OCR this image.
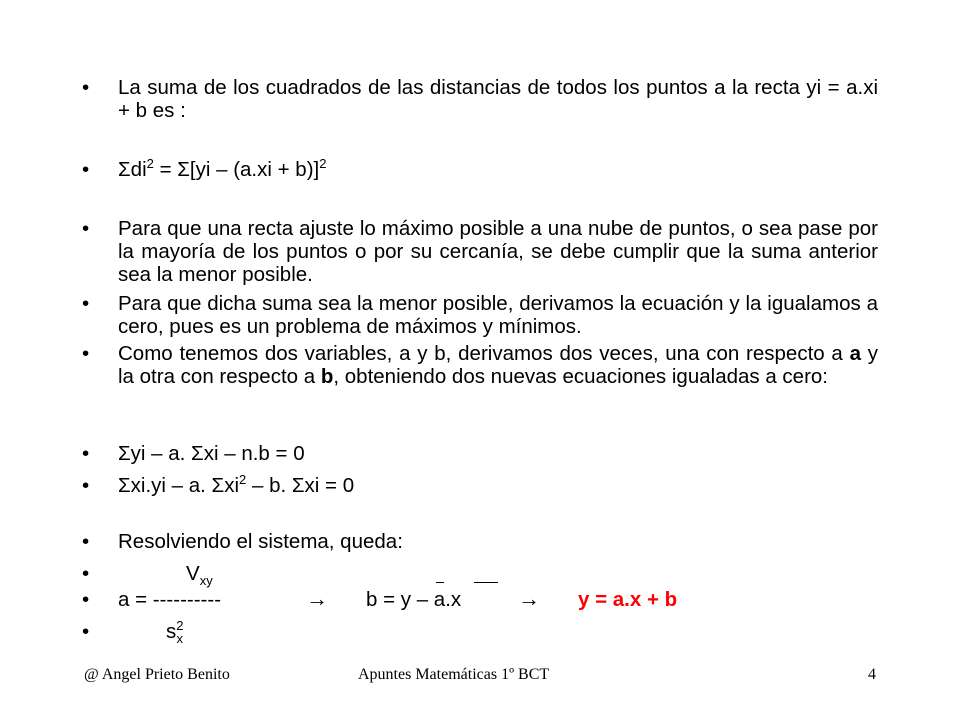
•	La suma de los cuadrados de las distancias de todos los puntos a la recta yi = a.xi + b es :
•	Σdi$^2$ = Σ[yi – (a.xi + b)]$^2$
•	Para que una recta ajuste lo máximo posible a una nube de puntos, o sea pase por la mayoría de los puntos o por su cercanía, se debe cumplir que la suma anterior sea la menor posible.
•	Para que dicha suma sea la menor posible, derivamos la ecuación y la igualamos a cero, pues es un problema de máximos y mínimos.
•	Como tenemos dos variables, a y b, derivamos dos veces, una con respecto a a y la otra con respecto a b, obteniendo dos nuevas ecuaciones igualadas a cero:
•	Σyi – a. Σxi – n.b = 0
•	Σxi.yi – a. Σxi$^2$ – b. Σxi = 0
•	Resolviendo el sistema, queda:
•	$V_{xy}$
•	a = ----------	→ b = y – a.x	→ y = a.x + b
•	$s^2_x$
@ Angel Prieto Benito	Apuntes Matemáticas 1º BCT	4
